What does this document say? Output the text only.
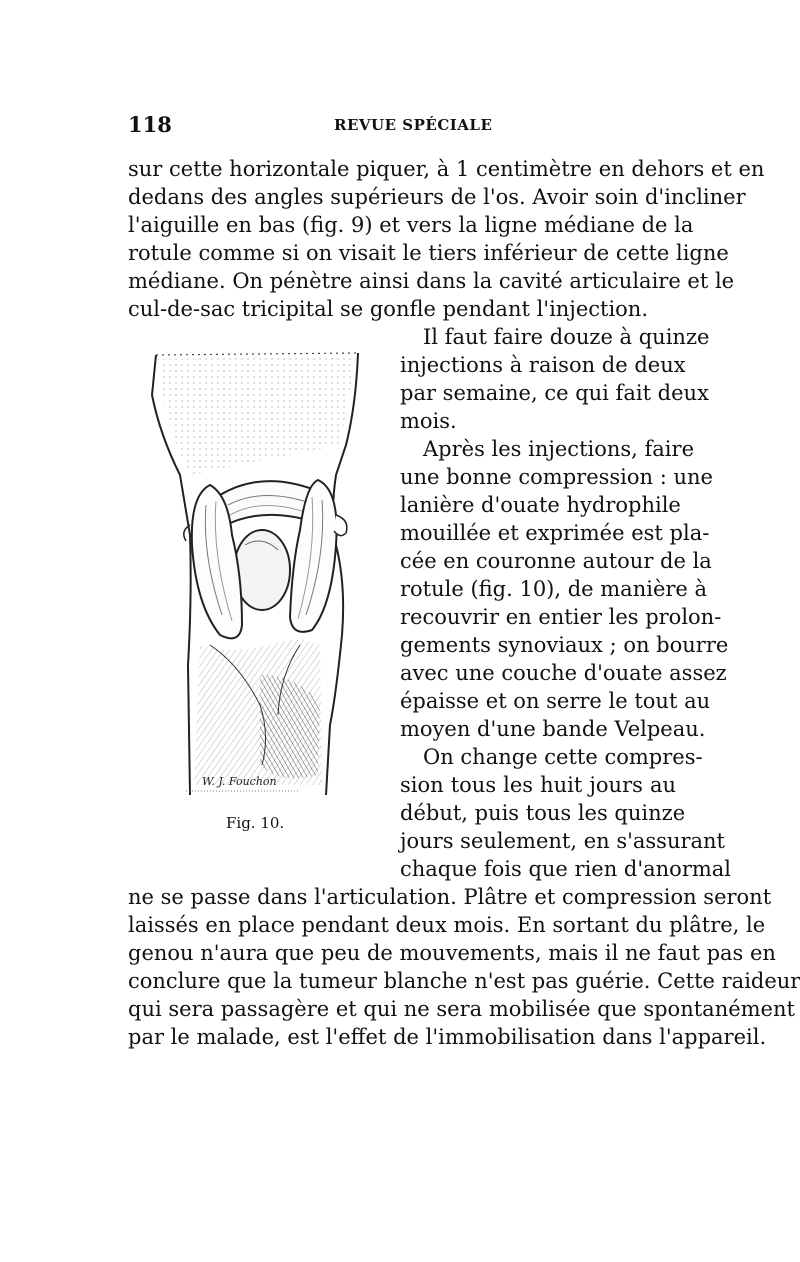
118	REVUE SPÉCIALE
sur cette horizontale piquer, à 1 centimètre en dehors et en
dedans des angles supérieurs de l'os. Avoir soin d'incliner
l'aiguille en bas (fig. 9) et vers la ligne médiane de la
rotule comme si on visait le tiers inférieur de cette ligne
médiane. On pénètre ainsi dans la cavité articulaire et le
cul-de-sac tricipital se gonfle pendant l'injection.
Il faut faire douze à quinze
injections à raison de deux
par semaine, ce qui fait deux
mois.
Après les injections, faire
une bonne compression : une
lanière d'ouate hydrophile
mouillée et exprimée est pla-
cée en couronne autour de la
rotule (fig. 10), de manière à
recouvrir en entier les prolon-
gements synoviaux ; on bourre
avec une couche d'ouate assez
épaisse et on serre le tout au
moyen d'une bande Velpeau.
On change cette compres-
sion tous les huit jours au
début, puis tous les quinze
jours seulement, en s'assurant
chaque fois que rien d'anormal
ne se passe dans l'articulation. Plâtre et compression seront
laissés en place pendant deux mois. En sortant du plâtre, le
genou n'aura que peu de mouvements, mais il ne faut pas en
conclure que la tumeur blanche n'est pas guérie. Cette raideur
qui sera passagère et qui ne sera mobilisée que spontanément
par le malade, est l'effet de l'immobilisation dans l'appareil.
W. J. Fouchon
Fig. 10.
